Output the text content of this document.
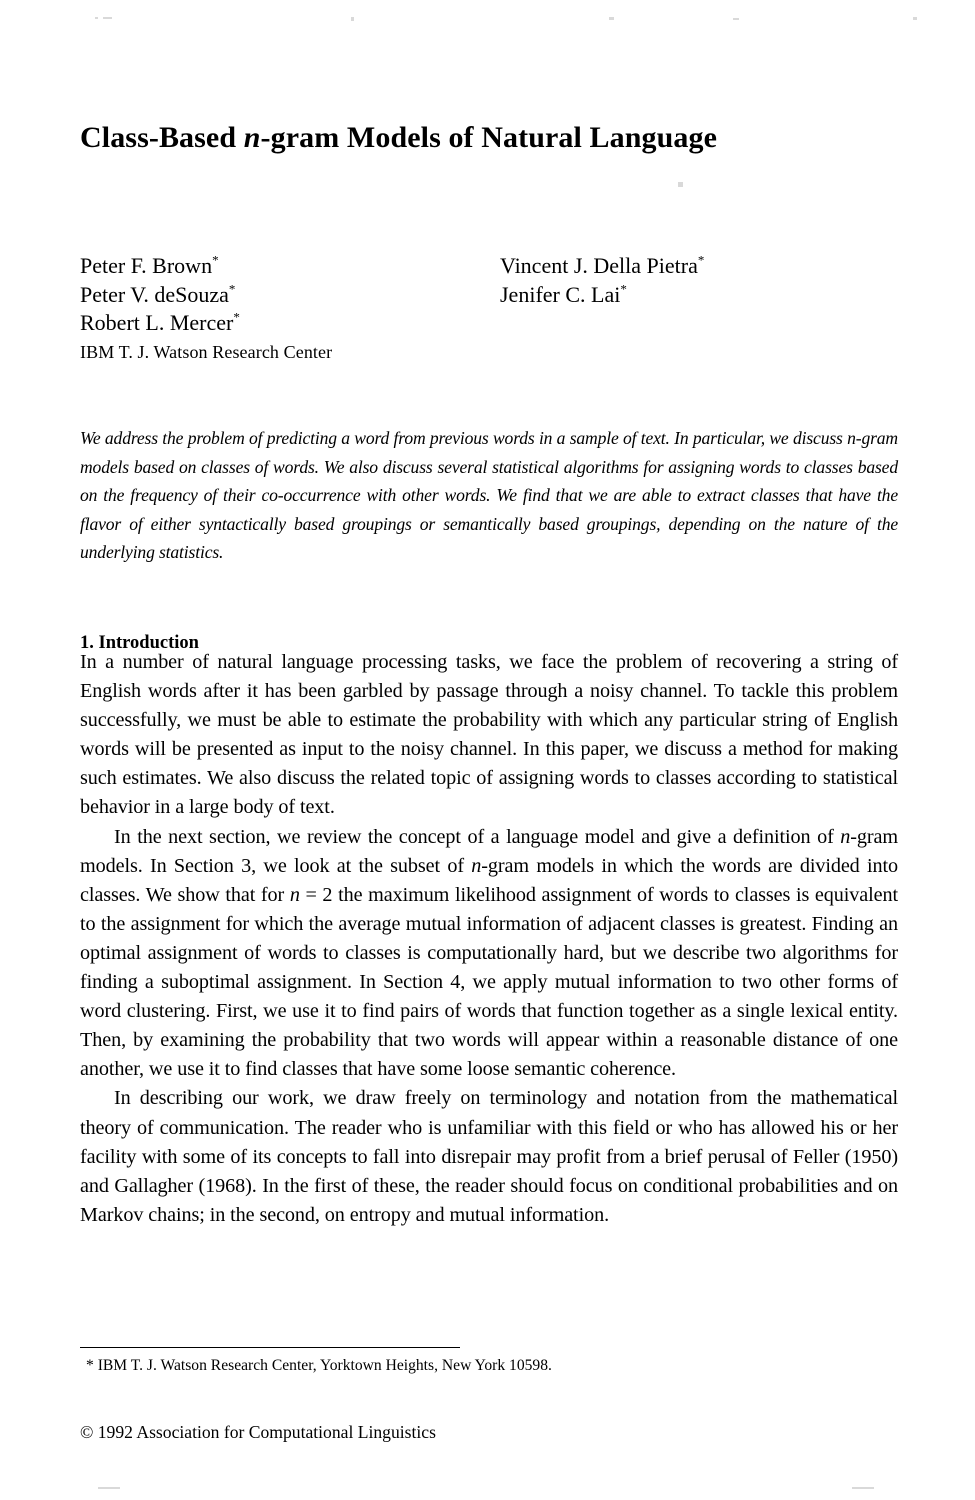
Class-Based n-gram Models of Natural Language
Peter F. Brown*
Peter V. deSouza*
Robert L. Mercer*
IBM T. J. Watson Research Center
Vincent J. Della Pietra*
Jenifer C. Lai*
We address the problem of predicting a word from previous words in a sample of text. In particular, we discuss n-gram models based on classes of words. We also discuss several statistical algorithms for assigning words to classes based on the frequency of their co-occurrence with other words. We find that we are able to extract classes that have the flavor of either syntactically based groupings or semantically based groupings, depending on the nature of the underlying statistics.
1. Introduction

In a number of natural language processing tasks, we face the problem of recovering a string of English words after it has been garbled by passage through a noisy channel. To tackle this problem successfully, we must be able to estimate the probability with which any particular string of English words will be presented as input to the noisy channel. In this paper, we discuss a method for making such estimates. We also discuss the related topic of assigning words to classes according to statistical behavior in a large body of text.

In the next section, we review the concept of a language model and give a definition of n-gram models. In Section 3, we look at the subset of n-gram models in which the words are divided into classes. We show that for n = 2 the maximum likelihood assignment of words to classes is equivalent to the assignment for which the average mutual information of adjacent classes is greatest. Finding an optimal assignment of words to classes is computationally hard, but we describe two algorithms for finding a suboptimal assignment. In Section 4, we apply mutual information to two other forms of word clustering. First, we use it to find pairs of words that function together as a single lexical entity. Then, by examining the probability that two words will appear within a reasonable distance of one another, we use it to find classes that have some loose semantic coherence.

In describing our work, we draw freely on terminology and notation from the mathematical theory of communication. The reader who is unfamiliar with this field or who has allowed his or her facility with some of its concepts to fall into disrepair may profit from a brief perusal of Feller (1950) and Gallagher (1968). In the first of these, the reader should focus on conditional probabilities and on Markov chains; in the second, on entropy and mutual information.

* IBM T. J. Watson Research Center, Yorktown Heights, New York 10598.
© 1992 Association for Computational Linguistics
